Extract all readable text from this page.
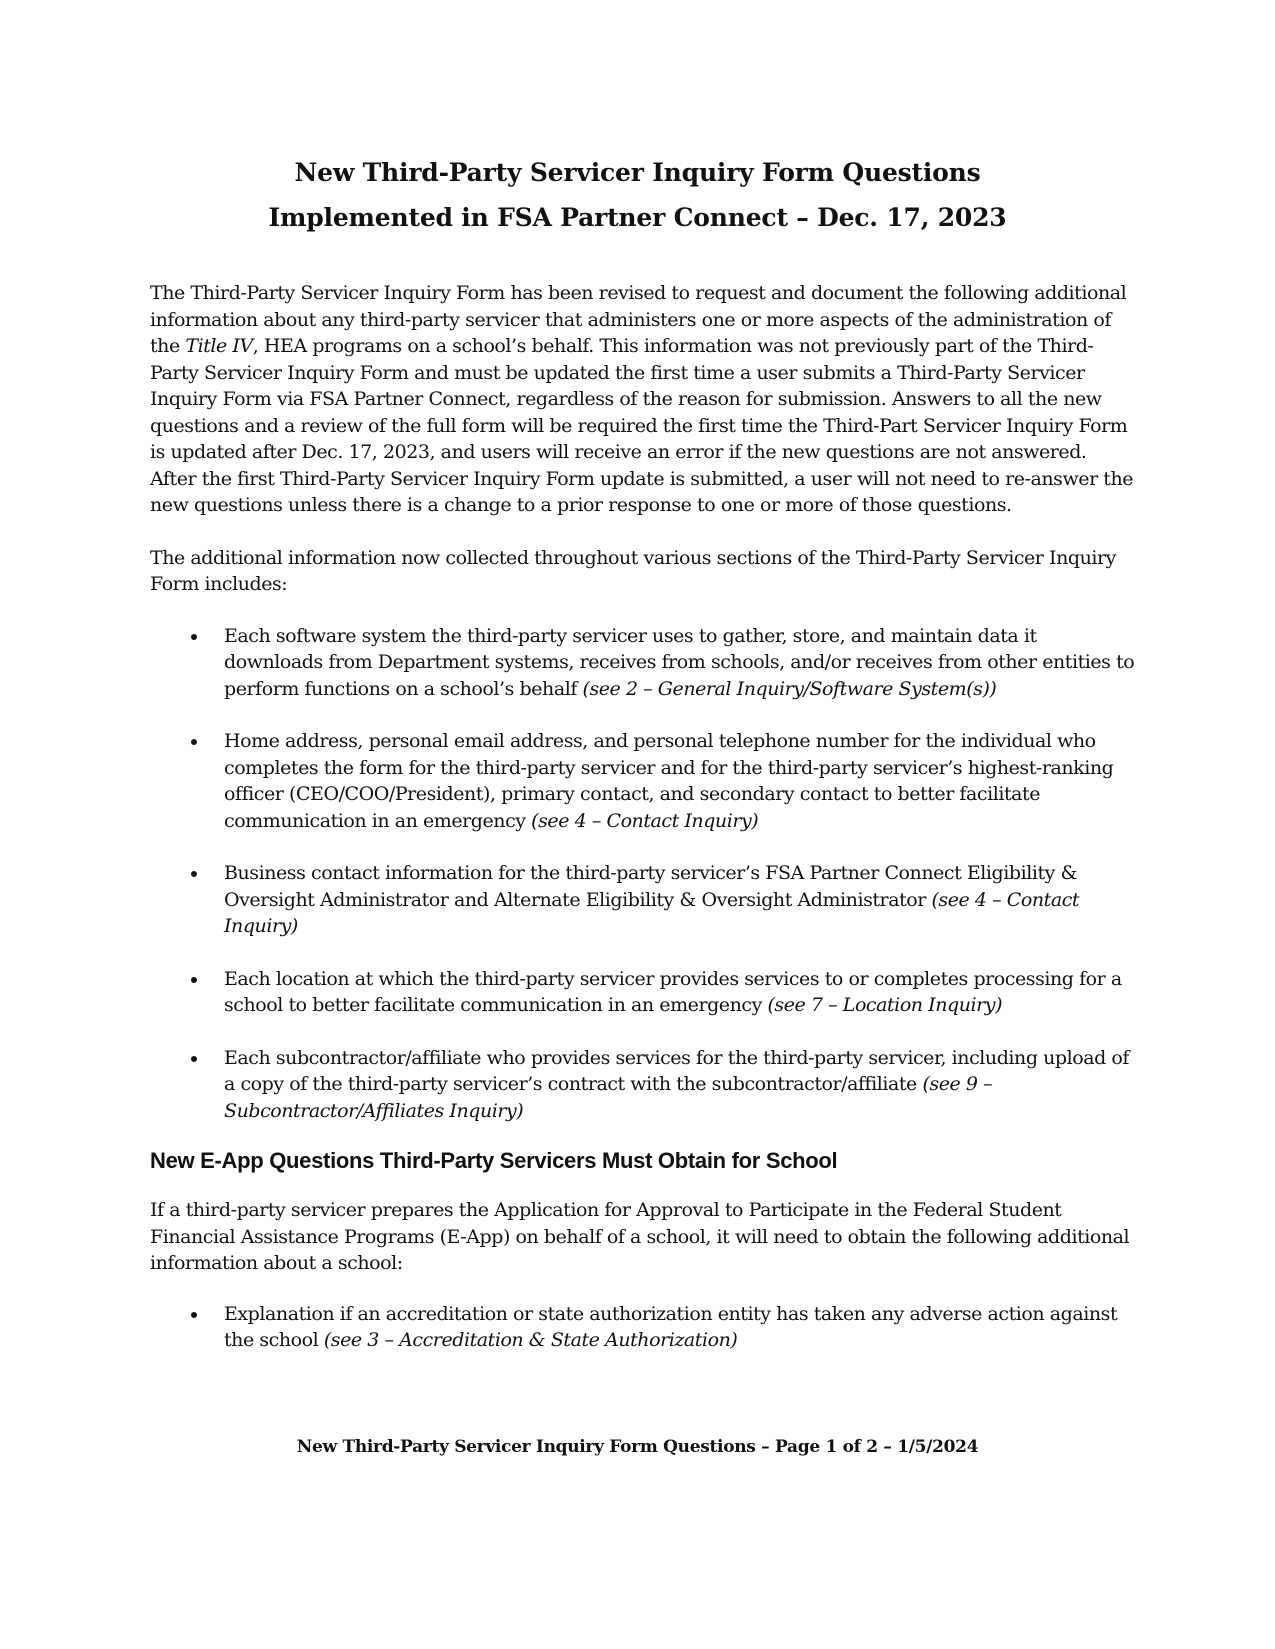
New Third-Party Servicer Inquiry Form Questions
Implemented in FSA Partner Connect – Dec. 17, 2023

The Third-Party Servicer Inquiry Form has been revised to request and document the following additional information about any third-party servicer that administers one or more aspects of the administration of the Title IV, HEA programs on a school’s behalf. This information was not previously part of the Third-Party Servicer Inquiry Form and must be updated the first time a user submits a Third-Party Servicer Inquiry Form via FSA Partner Connect, regardless of the reason for submission. Answers to all the new questions and a review of the full form will be required the first time the Third-Part Servicer Inquiry Form is updated after Dec. 17, 2023, and users will receive an error if the new questions are not answered. After the first Third-Party Servicer Inquiry Form update is submitted, a user will not need to re-answer the new questions unless there is a change to a prior response to one or more of those questions.

The additional information now collected throughout various sections of the Third-Party Servicer Inquiry Form includes:

Each software system the third-party servicer uses to gather, store, and maintain data it downloads from Department systems, receives from schools, and/or receives from other entities to perform functions on a school’s behalf (see 2 – General Inquiry/Software System(s))
Home address, personal email address, and personal telephone number for the individual who completes the form for the third-party servicer and for the third-party servicer’s highest-ranking officer (CEO/COO/President), primary contact, and secondary contact to better facilitate communication in an emergency (see 4 – Contact Inquiry)
Business contact information for the third-party servicer’s FSA Partner Connect Eligibility & Oversight Administrator and Alternate Eligibility & Oversight Administrator (see 4 – Contact Inquiry)
Each location at which the third-party servicer provides services to or completes processing for a school to better facilitate communication in an emergency (see 7 – Location Inquiry)
Each subcontractor/affiliate who provides services for the third-party servicer, including upload of a copy of the third-party servicer’s contract with the subcontractor/affiliate (see 9 – Subcontractor/Affiliates Inquiry)
New E-App Questions Third-Party Servicers Must Obtain for School

If a third-party servicer prepares the Application for Approval to Participate in the Federal Student Financial Assistance Programs (E-App) on behalf of a school, it will need to obtain the following additional information about a school:

Explanation if an accreditation or state authorization entity has taken any adverse action against the school (see 3 – Accreditation & State Authorization)
New Third-Party Servicer Inquiry Form Questions – Page 1 of 2 – 1/5/2024
